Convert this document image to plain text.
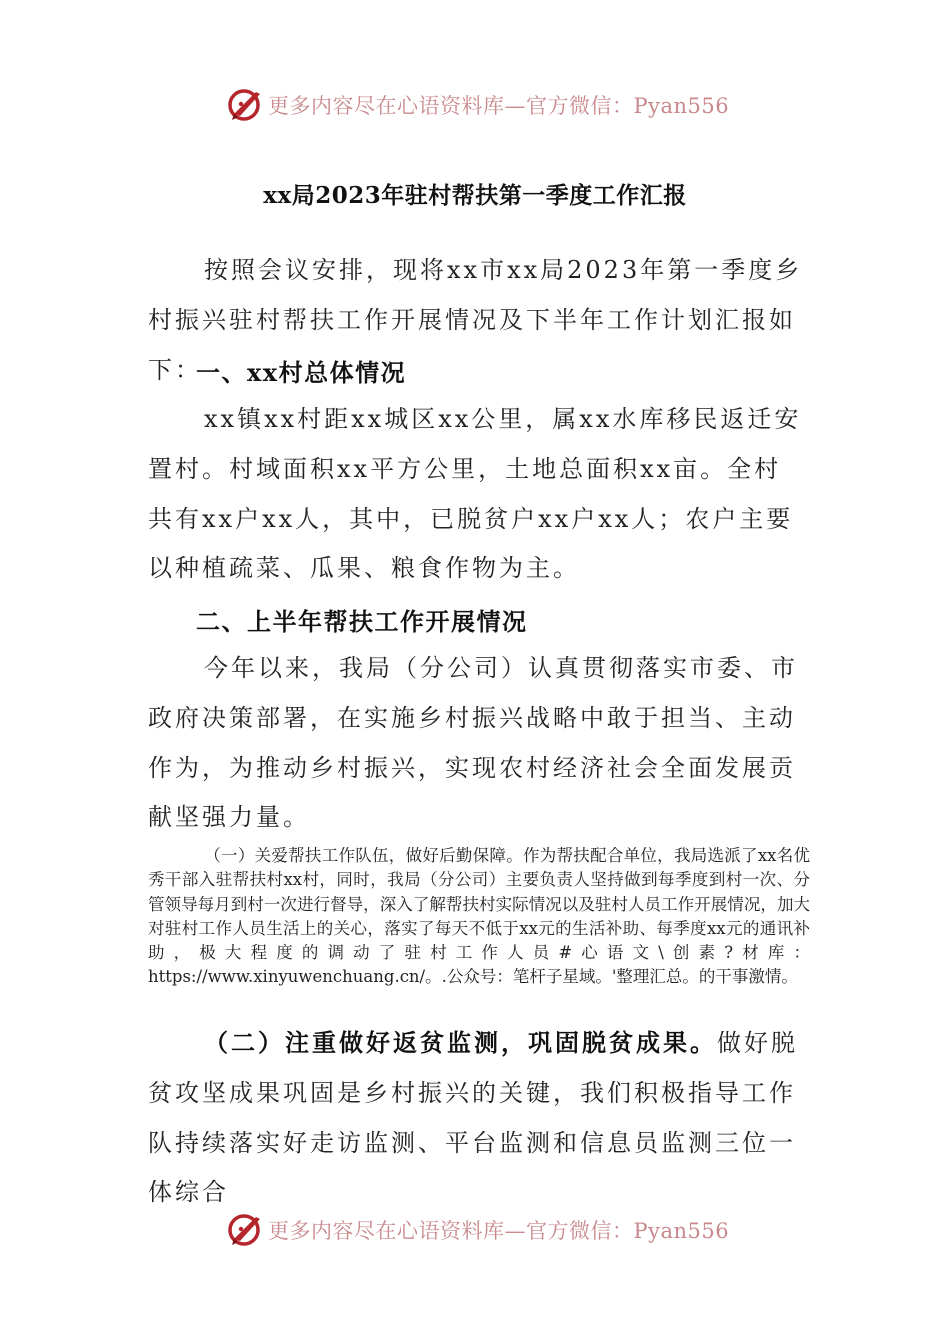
更多内容尽在心语资料库—官方微信：Pyan556
xx局2023年驻村帮扶第一季度工作汇报
按照会议安排，现将xx市xx局2023年第一季度乡村振兴驻村帮扶工作开展情况及下半年工作计划汇报如下：
一、xx村总体情况
xx镇xx村距xx城区xx公里，属xx水库移民返迁安置村。村域面积xx平方公里，土地总面积xx亩。全村共有xx户xx人，其中，已脱贫户xx户xx人；农户主要以种植疏菜、瓜果、粮食作物为主。
二、上半年帮扶工作开展情况
今年以来，我局（分公司）认真贯彻落实市委、市政府决策部署，在实施乡村振兴战略中敢于担当、主动作为，为推动乡村振兴，实现农村经济社会全面发展贡献坚强力量。
（一）关爱帮扶工作队伍，做好后勤保障。作为帮扶配合单位，我局选派了xx名优秀干部入驻帮扶村xx村，同时，我局（分公司）主要负责人坚持做到每季度到村一次、分管领导每月到村一次进行督导，深入了解帮扶村实际情况以及驻村人员工作开展情况，加大对驻村工作人员生活上的关心，落实了每天不低于xx元的生活补助、每季度xx元的通讯补助，极大程度的调动了驻村工作人员#心语文\创素?材库：https://www.xinyuwenchuang.cn/。.公众号：笔杆子星域。'整理汇总。的干事激情。
（二）注重做好返贫监测，巩固脱贫成果。做好脱贫攻坚成果巩固是乡村振兴的关键，我们积极指导工作队持续落实好走访监测、平台监测和信息员监测三位一体综合
更多内容尽在心语资料库—官方微信：Pyan556
